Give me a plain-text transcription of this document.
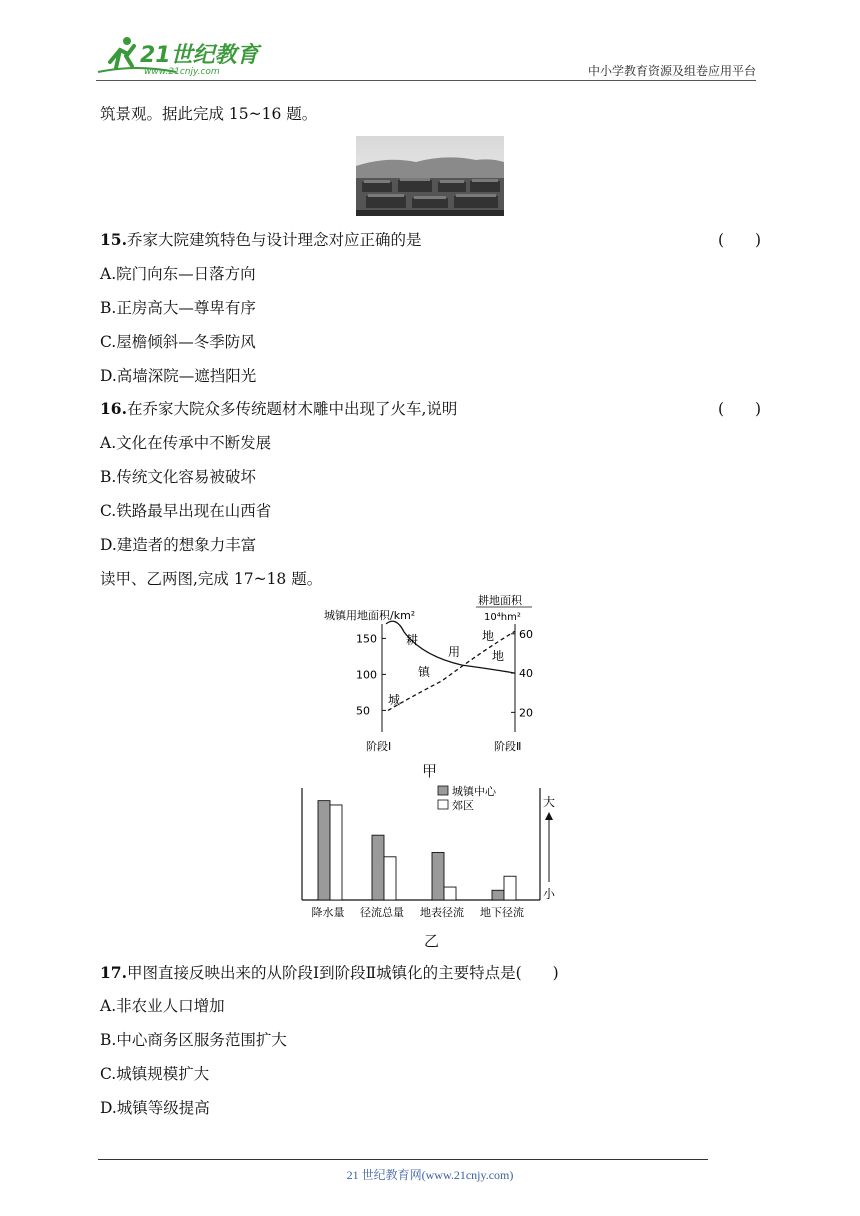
21世纪教育
www.21cnjy.com	中小学教育资源及组卷应用平台
筑景观。据此完成 15~16 题。
15.乔家大院建筑特色与设计理念对应正确的是	(　　)
A.院门向东—日落方向
B.正房高大—尊卑有序
C.屋檐倾斜—冬季防风
D.高墙深院—遮挡阳光
16.在乔家大院众多传统题材木雕中出现了火车,说明	(　　)
A.文化在传承中不断发展
B.传统文化容易被破坏
C.铁路最早出现在山西省
D.建造者的想象力丰富
读甲、乙两图,完成 17~18 题。
城镇用地面积/km²
耕地面积
10⁴hm²
150
100
50
60
40
20
耕	地
地
城
镇
用
阶段Ⅰ	阶段Ⅱ
甲
降水量 径流总量 地表径流 地下径流
城镇中心
郊区	大
小
乙
17.甲图直接反映出来的从阶段Ⅰ到阶段Ⅱ城镇化的主要特点是(　　)
A.非农业人口增加
B.中心商务区服务范围扩大
C.城镇规模扩大
D.城镇等级提高
21 世纪教育网(www.21cnjy.com)
